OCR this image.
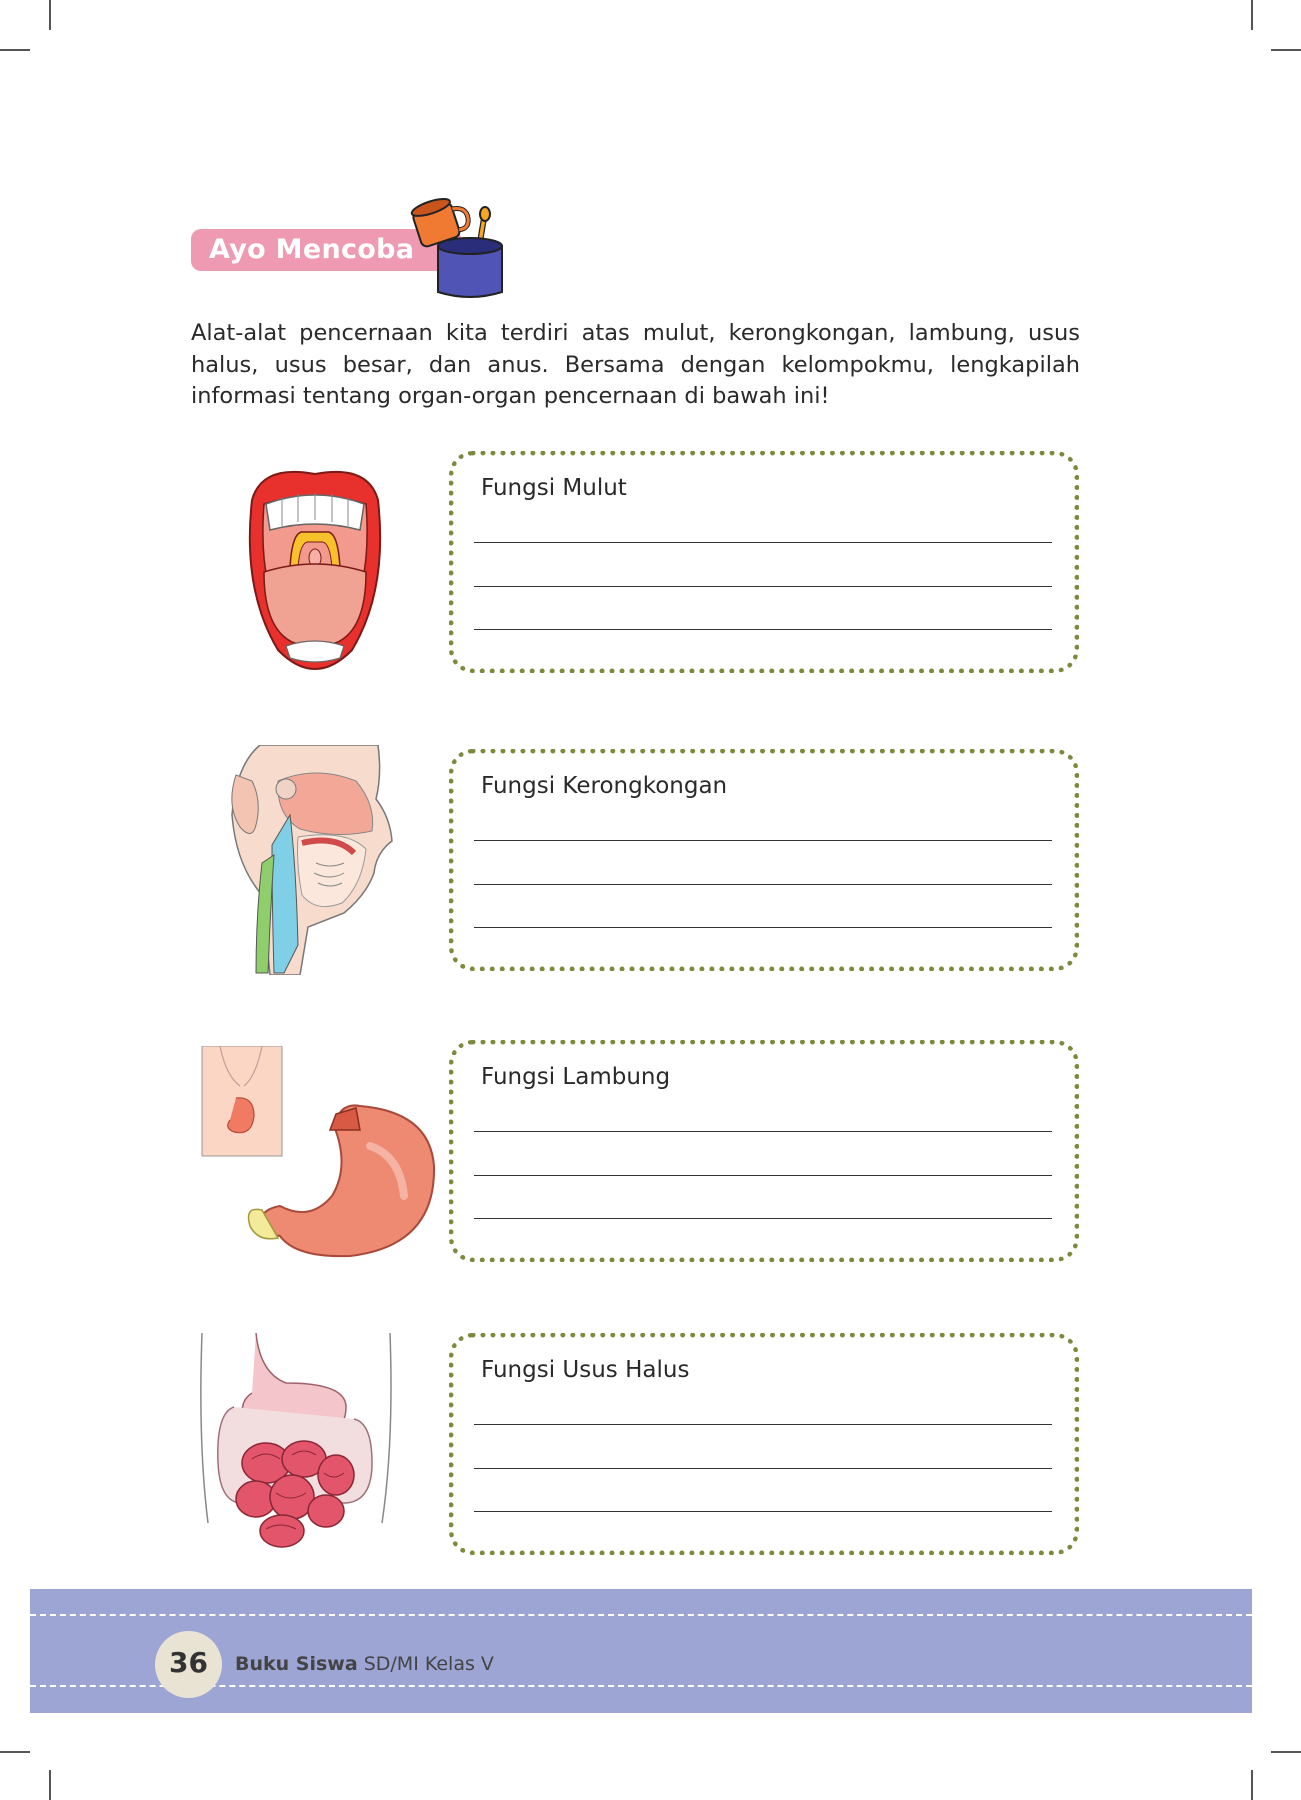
Ayo Mencoba

Alat-alat pencernaan kita terdiri atas mulut, kerongkongan, lambung, usus halus, usus besar, dan anus. Bersama dengan kelompokmu, lengkapilah informasi tentang organ-organ pencernaan di bawah ini!

Fungsi Mulut
Fungsi Kerongkongan
Fungsi Lambung
Fungsi Usus Halus
36	Buku Siswa SD/MI Kelas V
